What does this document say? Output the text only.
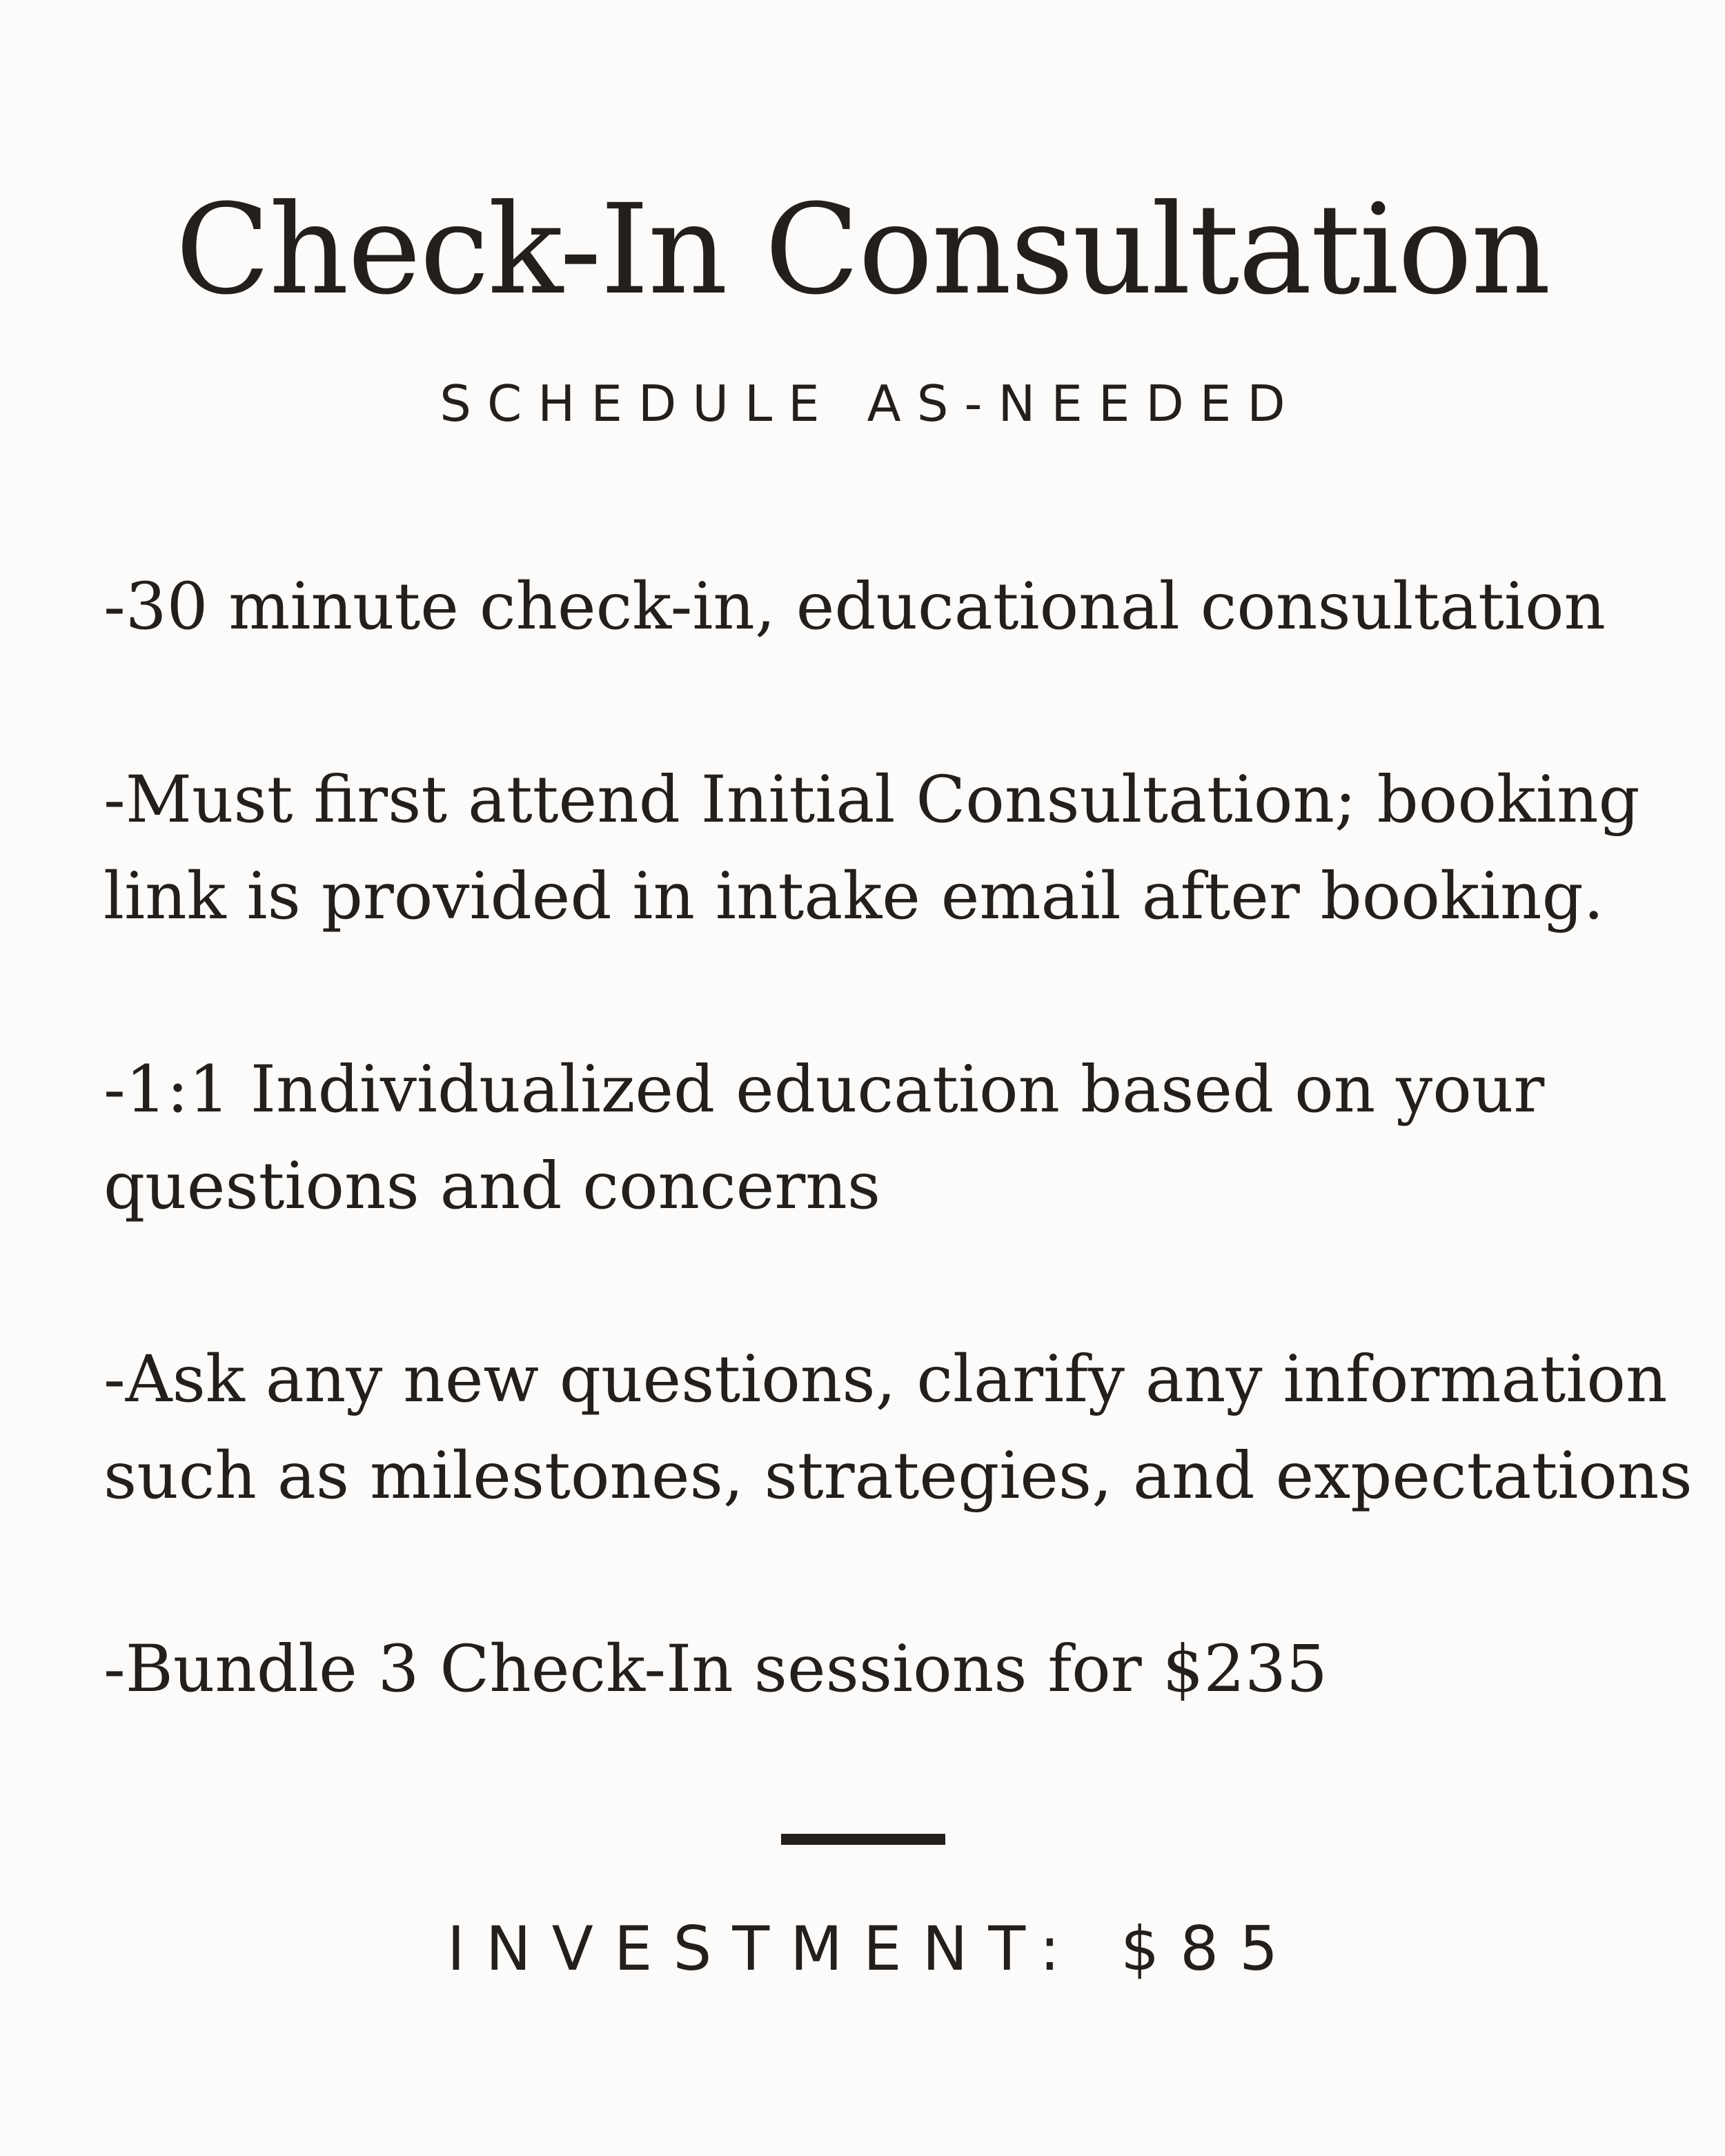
Check-In Consultation
SCHEDULE AS-NEEDED

-30 minute check-in, educational consultation

-Must first attend Initial Consultation; booking
link is provided in intake email after booking.

-1:1 Individualized education based on your
questions and concerns

-Ask any new questions, clarify any information
such as milestones, strategies, and expectations

-Bundle 3 Check-In sessions for $235

INVESTMENT: $85
